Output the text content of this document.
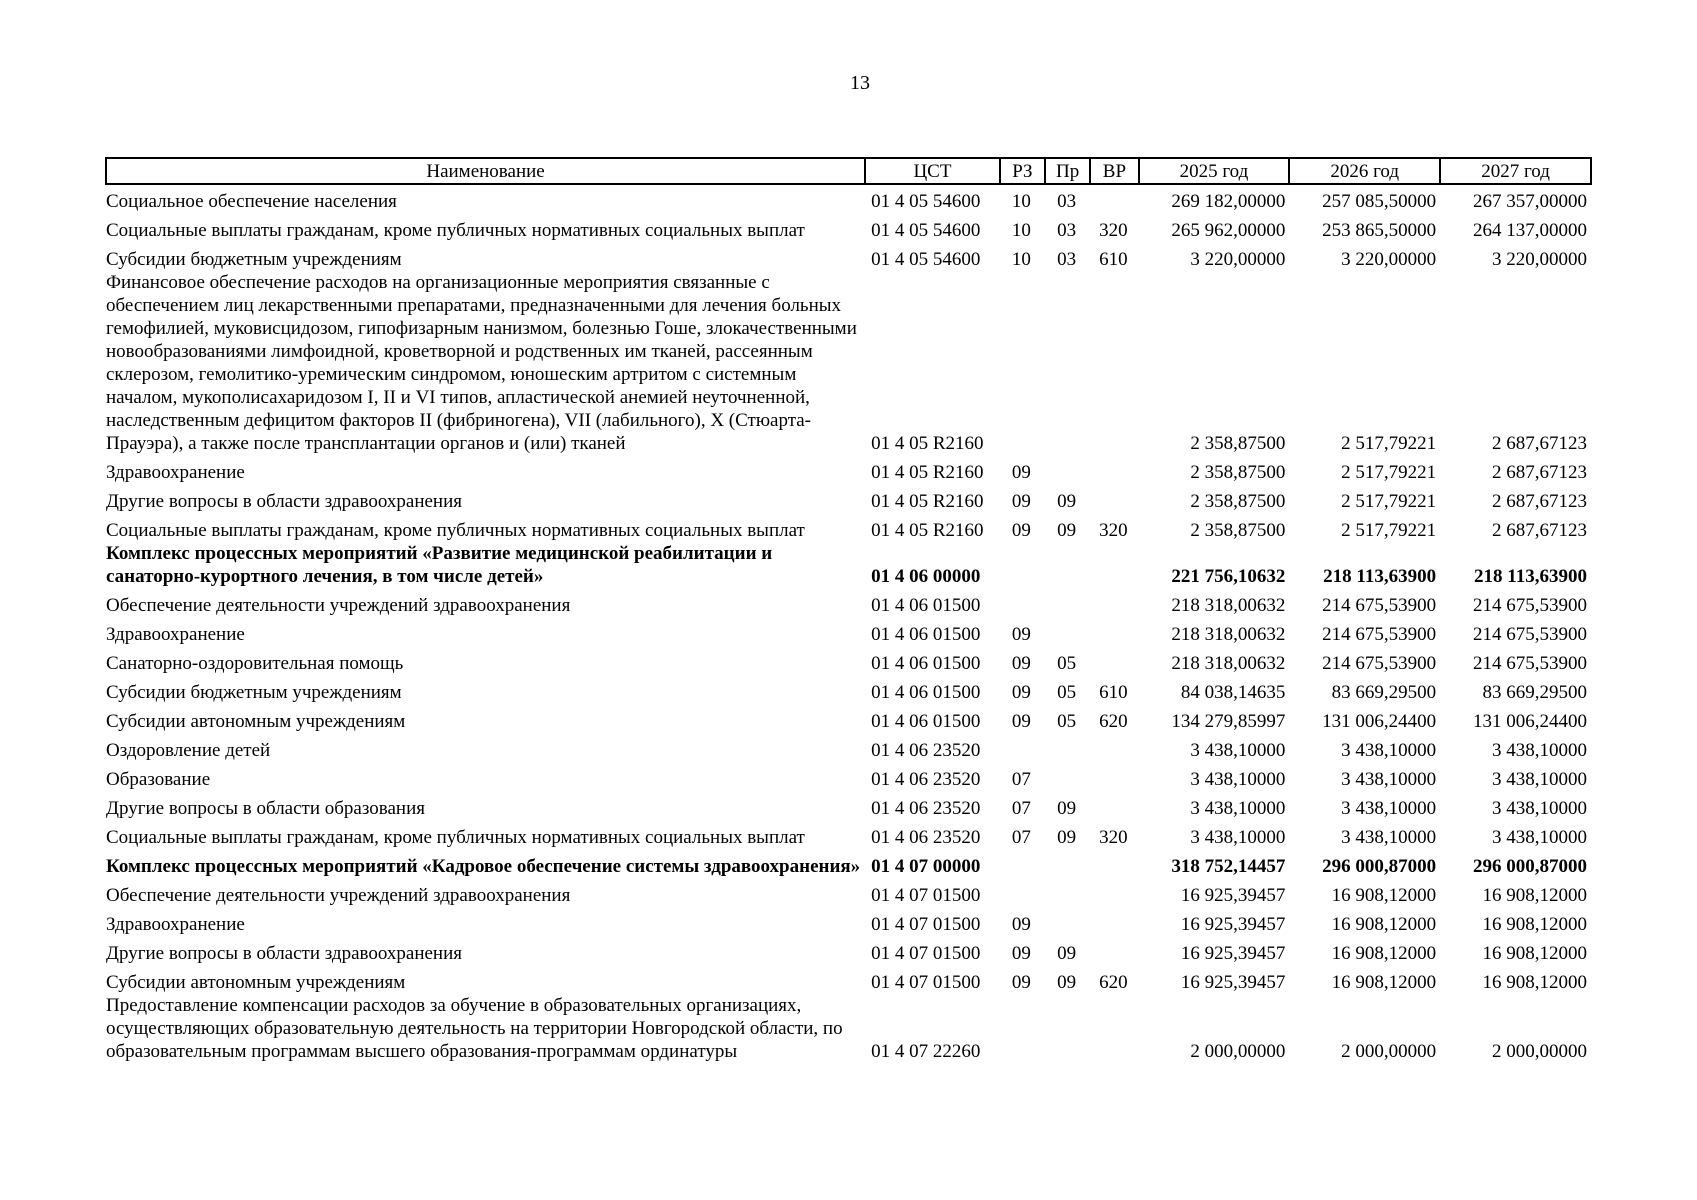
13
Наименование	ЦСТ	РЗ	Пр	ВР	2025 год	2026 год	2027 год
Социальное обеспечение населения	01 4 05 54600	10	03		269 182,00000	257 085,50000	267 357,00000
Социальные выплаты гражданам, кроме публичных нормативных социальных выплат	01 4 05 54600	10	03	320	265 962,00000	253 865,50000	264 137,00000
Субсидии бюджетным учреждениям	01 4 05 54600	10	03	610	3 220,00000	3 220,00000	3 220,00000
Финансовое обеспечение расходов на организационные мероприятия связанные с обеспечением лиц лекарственными препаратами, предназначенными для лечения больных гемофилией, муковисцидозом, гипофизарным нанизмом, болезнью Гоше, злокачественными новообразованиями лимфоидной, кроветворной и родственных им тканей, рассеянным склерозом, гемолитико-уремическим синдромом, юношеским артритом с системным началом, мукополисахаридозом I, II и VI типов, апластической анемией неуточненной, наследственным дефицитом факторов II (фибриногена), VII (лабильного), X (Стюарта-Прауэра), а также после трансплантации органов и (или) тканей	01 4 05 R2160				2 358,87500	2 517,79221	2 687,67123
Здравоохранение	01 4 05 R2160	09			2 358,87500	2 517,79221	2 687,67123
Другие вопросы в области здравоохранения	01 4 05 R2160	09	09		2 358,87500	2 517,79221	2 687,67123
Социальные выплаты гражданам, кроме публичных нормативных социальных выплат	01 4 05 R2160	09	09	320	2 358,87500	2 517,79221	2 687,67123
Комплекс процессных мероприятий «Развитие медицинской реабилитации и санаторно-курортного лечения, в том числе детей»	01 4 06 00000				221 756,10632	218 113,63900	218 113,63900
Обеспечение деятельности учреждений здравоохранения	01 4 06 01500				218 318,00632	214 675,53900	214 675,53900
Здравоохранение	01 4 06 01500	09			218 318,00632	214 675,53900	214 675,53900
Санаторно-оздоровительная помощь	01 4 06 01500	09	05		218 318,00632	214 675,53900	214 675,53900
Субсидии бюджетным учреждениям	01 4 06 01500	09	05	610	84 038,14635	83 669,29500	83 669,29500
Субсидии автономным учреждениям	01 4 06 01500	09	05	620	134 279,85997	131 006,24400	131 006,24400
Оздоровление детей	01 4 06 23520				3 438,10000	3 438,10000	3 438,10000
Образование	01 4 06 23520	07			3 438,10000	3 438,10000	3 438,10000
Другие вопросы в области образования	01 4 06 23520	07	09		3 438,10000	3 438,10000	3 438,10000
Социальные выплаты гражданам, кроме публичных нормативных социальных выплат	01 4 06 23520	07	09	320	3 438,10000	3 438,10000	3 438,10000
Комплекс процессных мероприятий «Кадровое обеспечение системы здравоохранения»	01 4 07 00000				318 752,14457	296 000,87000	296 000,87000
Обеспечение деятельности учреждений здравоохранения	01 4 07 01500				16 925,39457	16 908,12000	16 908,12000
Здравоохранение	01 4 07 01500	09			16 925,39457	16 908,12000	16 908,12000
Другие вопросы в области здравоохранения	01 4 07 01500	09	09		16 925,39457	16 908,12000	16 908,12000
Субсидии автономным учреждениям	01 4 07 01500	09	09	620	16 925,39457	16 908,12000	16 908,12000
Предоставление компенсации расходов за обучение в образовательных организациях, осуществляющих образовательную деятельность на территории Новгородской области, по образовательным программам высшего образования-программам ординатуры	01 4 07 22260				2 000,00000	2 000,00000	2 000,00000
